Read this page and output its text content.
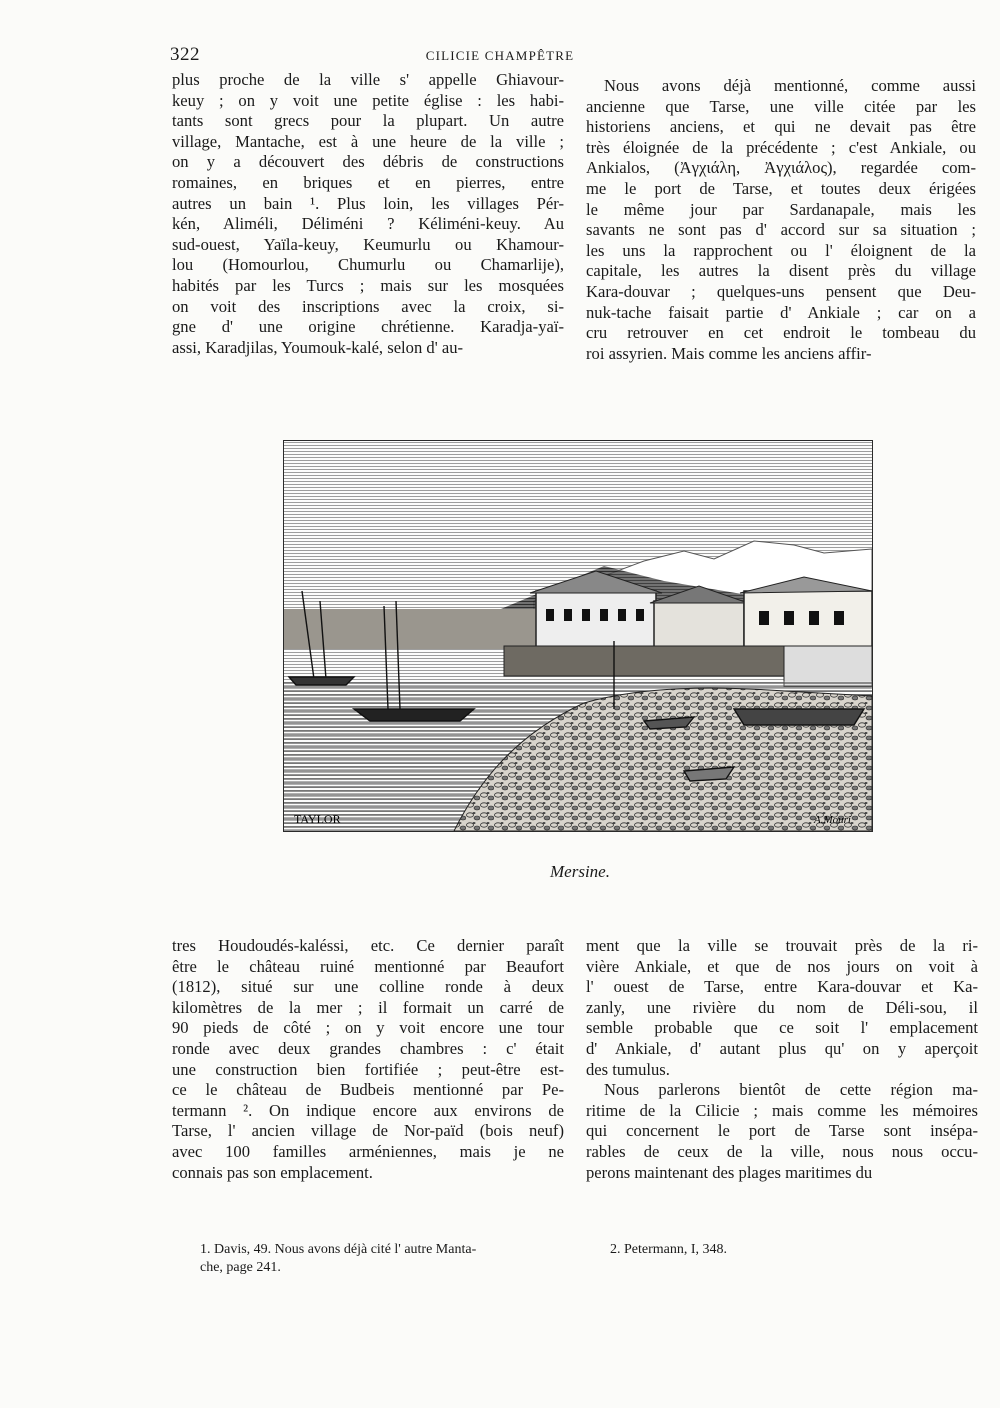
322	CILICIE CHAMPÊTRE
plus proche de la ville s' appelle Ghiavour-
keuy ; on y voit une petite église : les habi-
tants sont grecs pour la plupart. Un autre
village, Mantache, est à une heure de la ville ;
on y a découvert des débris de constructions
romaines, en briques et en pierres, entre
autres un bain ¹. Plus loin, les villages Pér-
kén, Aliméli, Déliméni ? Kéliméni-keuy. Au
sud-ouest, Yaïla-keuy, Keumurlu ou Khamour-
lou (Homourlou, Chumurlu ou Chamarlije),
habités par les Turcs ; mais sur les mosquées
on voit des inscriptions avec la croix, si-
gne d' une origine chrétienne. Karadja-yaï-
assi, Karadjilas, Youmouk-kalé, selon d' au-
Nous avons déjà mentionné, comme aussi
ancienne que Tarse, une ville citée par les
historiens anciens, et qui ne devait pas être
très éloignée de la précédente ; c'est Ankiale, ou
Ankialos, (Ἀγχιάλη, Ἀγχιάλος), regardée com-
me le port de Tarse, et toutes deux érigées
le même jour par Sardanapale, mais les
savants ne sont pas d' accord sur sa situation ;
les uns la rapprochent ou l' éloignent de la
capitale, les autres la disent près du village
Kara-douvar ; quelques-uns pensent que Deu-
nuk-tache faisait partie d' Ankiale ; car on a
cru retrouver en cet endroit le tombeau du
roi assyrien. Mais comme les anciens affir-
TAYLOR	A.Mouri
Mersine.
tres Houdoudés-kaléssi, etc. Ce dernier paraît
être le château ruiné mentionné par Beaufort
(1812), situé sur une colline ronde à deux
kilomètres de la mer ; il formait un carré de
90 pieds de côté ; on y voit encore une tour
ronde avec deux grandes chambres : c' était
une construction bien fortifiée ; peut-être est-
ce le château de Budbeis mentionné par Pe-
termann ². On indique encore aux environs de
Tarse, l' ancien village de Nor-païd (bois neuf)
avec 100 familles arméniennes, mais je ne
connais pas son emplacement.
ment que la ville se trouvait près de la ri-
vière Ankiale, et que de nos jours on voit à
l' ouest de Tarse, entre Kara-douvar et Ka-
zanly, une rivière du nom de Déli-sou, il
semble probable que ce soit l' emplacement
d' Ankiale, d' autant plus qu' on y aperçoit
des tumulus.
Nous parlerons bientôt de cette région ma-
ritime de la Cilicie ; mais comme les mémoires
qui concernent le port de Tarse sont insépa-
rables de ceux de la ville, nous nous occu-
perons maintenant des plages maritimes du
1. Davis, 49. Nous avons déjà cité l' autre Manta-
che, page 241.
2. Petermann, I, 348.
